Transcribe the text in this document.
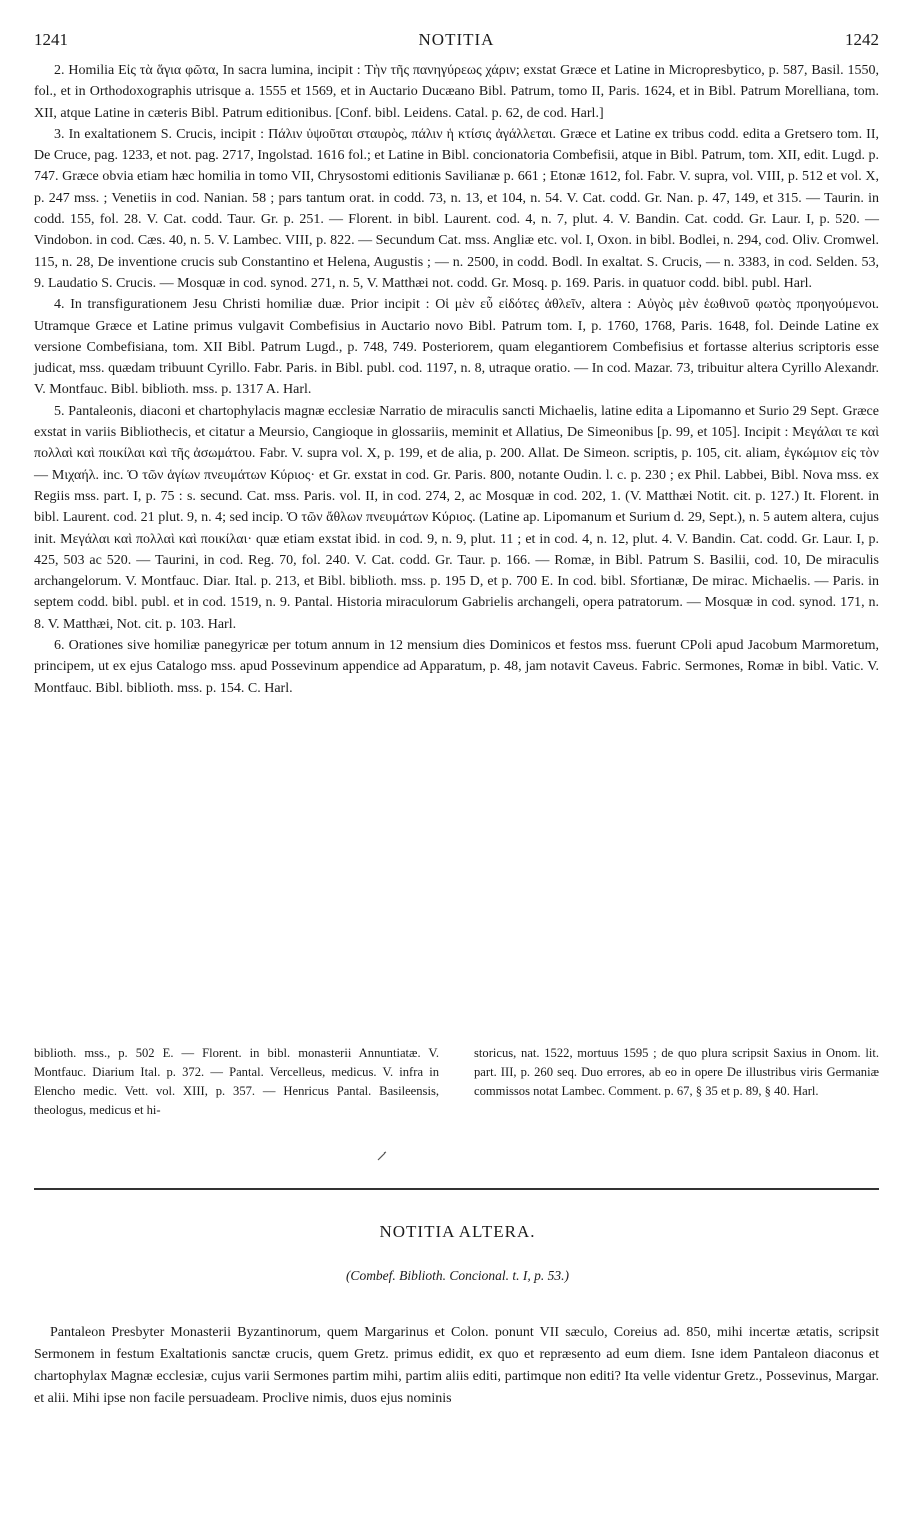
1241	NOTITIA	1242

2. Homilia Εἰς τὰ ἅγια φῶτα, In sacra lumina, incipit : Τὴν τῆς πανηγύρεως χάριν; exstat Græce et Latine in Microρresbytico, p. 587, Basil. 1550, fol., et in Orthodoxographis utrisque a. 1555 et 1569, et in Auctario Ducæano Bibl. Patrum, tomo II, Paris. 1624, et in Bibl. Patrum Morelliana, tom. XII, atque Latine in cæteris Bibl. Patrum editionibus. [Conf. bibl. Leidens. Catal. p. 62, de cod. Harl.]

3. In exaltationem S. Crucis, incipit : Πάλιν ὑψοῦται σταυρὸς, πάλιν ἡ κτίσις ἀγάλλεται. Græce et Latine ex tribus codd. edita a Gretsero tom. II, De Cruce, pag. 1233, et not. pag. 2717, Ingolstad. 1616 fol.; et Latine in Bibl. concionatoria Combefisii, atque in Bibl. Patrum, tom. XII, edit. Lugd. p. 747. Græce obvia etiam hæc homilia in tomo VII, Chrysostomi editionis Savilianæ p. 661 ; Etonæ 1612, fol. Fabr. V. supra, vol. VIII, p. 512 et vol. X, p. 247 mss. ; Venetiis in cod. Nanian. 58 ; pars tantum orat. in codd. 73, n. 13, et 104, n. 54. V. Cat. codd. Gr. Nan. p. 47, 149, et 315. — Taurin. in codd. 155, fol. 28. V. Cat. codd. Taur. Gr. p. 251. — Florent. in bibl. Laurent. cod. 4, n. 7, plut. 4. V. Bandin. Cat. codd. Gr. Laur. I, p. 520. — Vindobon. in cod. Cæs. 40, n. 5. V. Lambec. VIII, p. 822. — Secundum Cat. mss. Angliæ etc. vol. I, Oxon. in bibl. Bodlei, n. 294, cod. Oliv. Cromwel. 115, n. 28, De inventione crucis sub Constantino et Helena, Augustis ; — n. 2500, in codd. Bodl. In exaltat. S. Crucis, — n. 3383, in cod. Selden. 53, 9. Laudatio S. Crucis. — Mosquæ in cod. synod. 271, n. 5, V. Matthæi not. codd. Gr. Mosq. p. 169. Paris. in quatuor codd. bibl. publ. Harl.

4. In transfigurationem Jesu Christi homiliæ duæ. Prior incipit : Οἱ μὲν εὖ εἰδότες ἀθλεῖν, altera : Αὐγὸς μὲν ἑωθινοῦ φωτὸς προηγούμενοι. Utramque Græce et Latine primus vulgavit Combefisius in Auctario novo Bibl. Patrum tom. I, p. 1760, 1768, Paris. 1648, fol. Deinde Latine ex versione Combefisiana, tom. XII Bibl. Patrum Lugd., p. 748, 749. Posteriorem, quam elegantiorem Combefisius et fortasse alterius scriptoris esse judicat, mss. quædam tribuunt Cyrillo. Fabr. Paris. in Bibl. publ. cod. 1197, n. 8, utraque oratio. — In cod. Mazar. 73, tribuitur altera Cyrillo Alexandr. V. Montfauc. Bibl. biblioth. mss. p. 1317 A. Harl.

5. Pantaleonis, diaconi et chartophylacis magnæ ecclesiæ Narratio de miraculis sancti Michaelis, latine edita a Lipomanno et Surio 29 Sept. Græce exstat in variis Bibliothecis, et citatur a Meursio, Cangioque in glossariis, meminit et Allatius, De Simeonibus [p. 99, et 105]. Incipit : Μεγάλαι τε καὶ πολλαὶ καὶ ποικίλαι καὶ τῆς ἀσωμάτου. Fabr. V. supra vol. X, p. 199, et de alia, p. 200. Allat. De Simeon. scriptis, p. 105, cit. aliam, ἐγκώμιον εἰς τὸν — Μιχαήλ. inc. Ὁ τῶν ἁγίων πνευμάτων Κύριος· et Gr. exstat in cod. Gr. Paris. 800, notante Oudin. l. c. p. 230 ; ex Phil. Labbei, Bibl. Nova mss. ex Regiis mss. part. I, p. 75 : s. secund. Cat. mss. Paris. vol. II, in cod. 274, 2, ac Mosquæ in cod. 202, 1. (V. Matthæi Notit. cit. p. 127.) It. Florent. in bibl. Laurent. cod. 21 plut. 9, n. 4; sed incip. Ὁ τῶν ἄθλων πνευμάτων Κύριος. (Latine ap. Lipomanum et Surium d. 29, Sept.), n. 5 autem altera, cujus init. Μεγάλαι καὶ πολλαὶ καὶ ποικίλαι· quæ etiam exstat ibid. in cod. 9, n. 9, plut. 11 ; et in cod. 4, n. 12, plut. 4. V. Bandin. Cat. codd. Gr. Laur. I, p. 425, 503 ac 520. — Taurini, in cod. Reg. 70, fol. 240. V. Cat. codd. Gr. Taur. p. 166. — Romæ, in Bibl. Patrum S. Basilii, cod. 10, De miraculis archangelorum. V. Montfauc. Diar. Ital. p. 213, et Bibl. biblioth. mss. p. 195 D, et p. 700 E. In cod. bibl. Sfortianæ, De mirac. Michaelis. — Paris. in septem codd. bibl. publ. et in cod. 1519, n. 9. Pantal. Historia miraculorum Gabrielis archangeli, opera patratorum. — Mosquæ in cod. synod. 171, n. 8. V. Matthæi, Not. cit. p. 103. Harl.

6. Orationes sive homiliæ panegyricæ per totum annum in 12 mensium dies Dominicos et festos mss. fuerunt CPoli apud Jacobum Marmoretum, principem, ut ex ejus Catalogo mss. apud Possevinum appendice ad Apparatum, p. 48, jam notavit Caveus. Fabric. Sermones, Romæ in bibl. Vatic. V. Montfauc. Bibl. biblioth. mss. p. 154. C. Harl.

biblioth. mss., p. 502 E. — Florent. in bibl. monasterii Annuntiatæ. V. Montfauc. Diarium Ital. p. 372. — Pantal. Vercelleus, medicus. V. infra in Elencho medic. Vett. vol. XIII, p. 357. — Henricus Pantal. Basileensis, theologus, medicus et hi-

storicus, nat. 1522, mortuus 1595 ; de quo plura scripsit Saxius in Onom. lit. part. III, p. 260 seq. Duo errores, ab eo in opere De illustribus viris Germaniæ commissos notat Lambec. Comment. p. 67, § 35 et p. 89, § 40. Harl.

NOTITIA ALTERA.
(Combef. Biblioth. Concional. t. I, p. 53.)

Pantaleon Presbyter Monasterii Byzantinorum, quem Margarinus et Colon. ponunt VII sæculo, Coreius ad. 850, mihi incertæ ætatis, scripsit Sermonem in festum Exaltationis sanctæ crucis, quem Gretz. primus edidit, ex quo et repræsento ad eum diem. Isne idem Pantaleon diaconus et chartophylax Magnæ ecclesiæ, cujus varii Sermones partim mihi, partim aliis editi, partimque non editi? Ita velle videntur Gretz., Possevinus, Margar. et alii. Mihi ipse non facile persuadeam. Proclive nimis, duos ejus nominis
